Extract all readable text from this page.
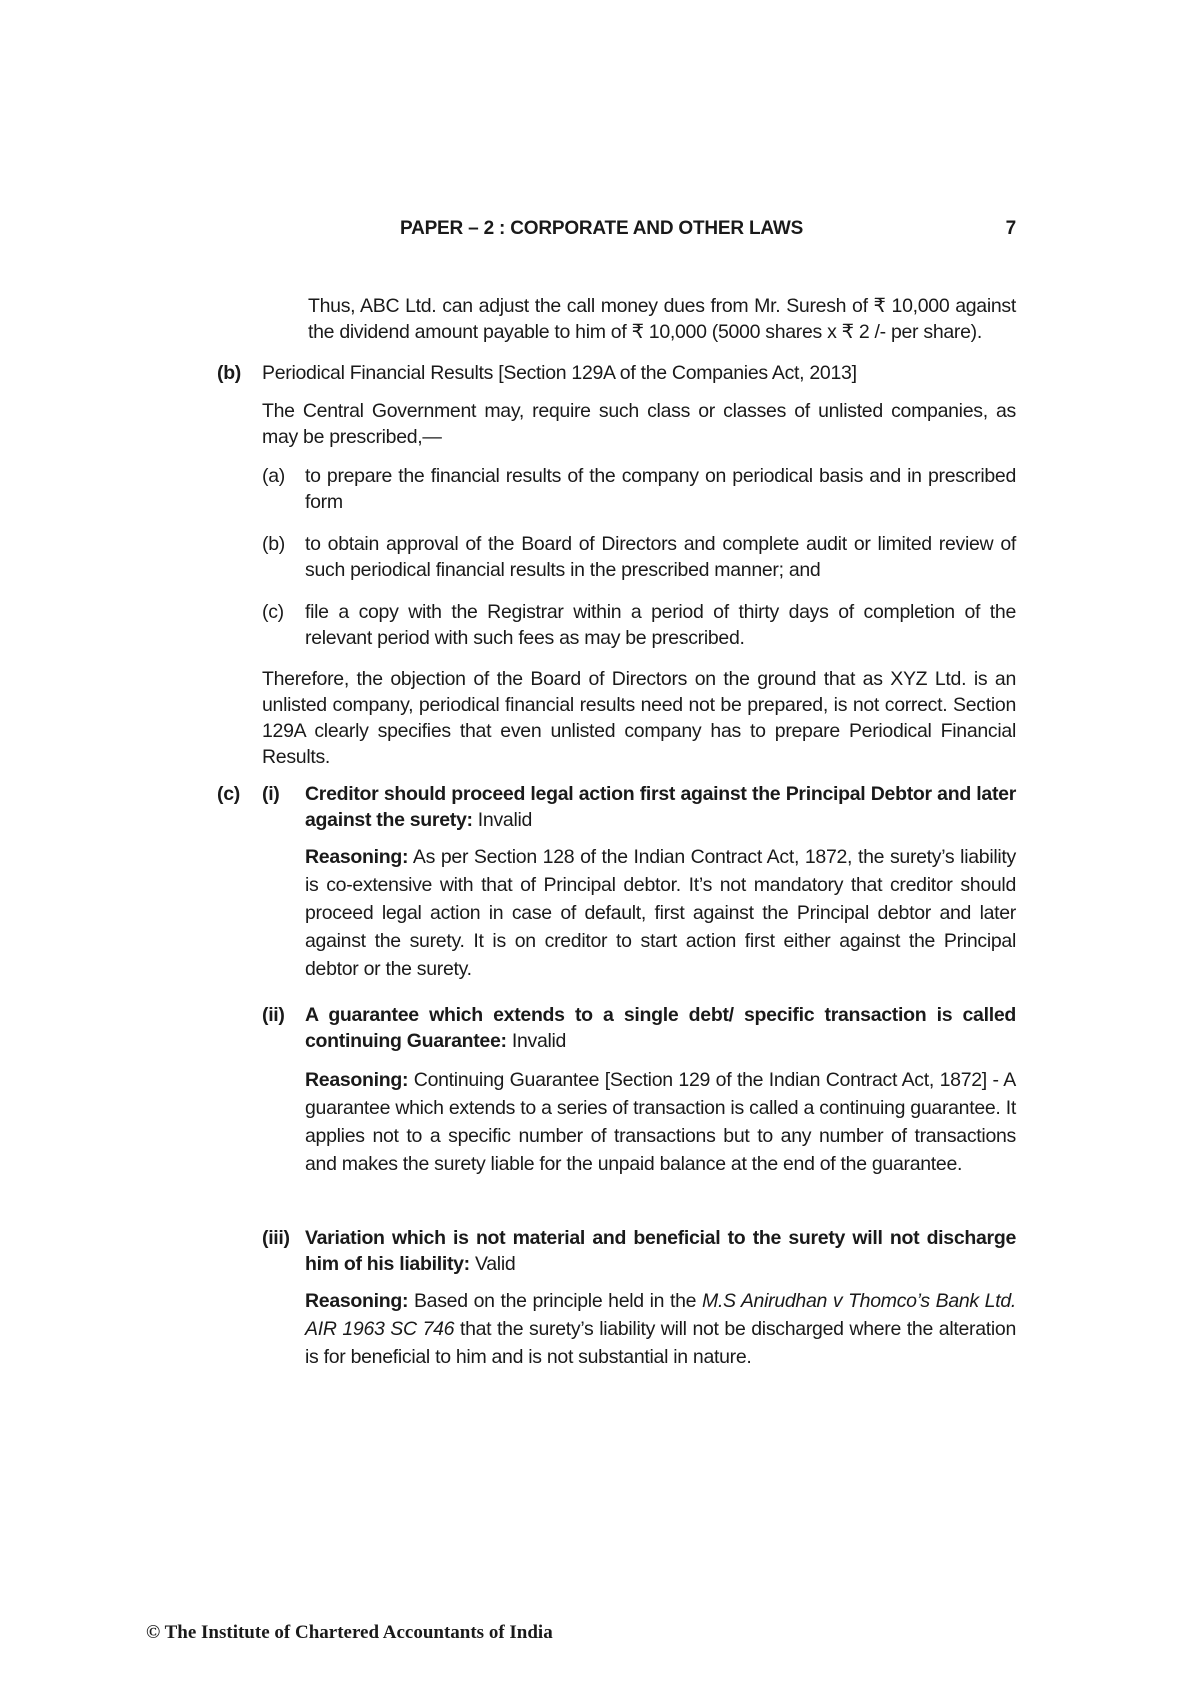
PAPER – 2 : CORPORATE AND OTHER LAWS	7

Thus, ABC Ltd. can adjust the call money dues from Mr. Suresh of ₹ 10,000 against the dividend amount payable to him of ₹ 10,000 (5000 shares x ₹ 2 /- per share).

(b) Periodical Financial Results [Section 129A of the Companies Act, 2013]

The Central Government may, require such class or classes of unlisted companies, as may be prescribed,—

(a) to prepare the financial results of the company on periodical basis and in prescribed form

(b) to obtain approval of the Board of Directors and complete audit or limited review of such periodical financial results in the prescribed manner; and

(c) file a copy with the Registrar within a period of thirty days of completion of the relevant period with such fees as may be prescribed.

Therefore, the objection of the Board of Directors on the ground that as XYZ Ltd. is an unlisted company, periodical financial results need not be prepared, is not correct. Section 129A clearly specifies that even unlisted company has to prepare Periodical Financial Results.

(c) (i) Creditor should proceed legal action first against the Principal Debtor and later against the surety: Invalid

Reasoning: As per Section 128 of the Indian Contract Act, 1872, the surety’s liability is co-extensive with that of Principal debtor. It’s not mandatory that creditor should proceed legal action in case of default, first against the Principal debtor and later against the surety. It is on creditor to start action first either against the Principal debtor or the surety.

(ii) A guarantee which extends to a single debt/ specific transaction is called continuing Guarantee: Invalid

Reasoning: Continuing Guarantee [Section 129 of the Indian Contract Act, 1872] - A guarantee which extends to a series of transaction is called a continuing guarantee. It applies not to a specific number of transactions but to any number of transactions and makes the surety liable for the unpaid balance at the end of the guarantee.

(iii) Variation which is not material and beneficial to the surety will not discharge him of his liability: Valid

Reasoning: Based on the principle held in the M.S Anirudhan v Thomco’s Bank Ltd. AIR 1963 SC 746 that the surety’s liability will not be discharged where the alteration is for beneficial to him and is not substantial in nature.

© The Institute of Chartered Accountants of India
